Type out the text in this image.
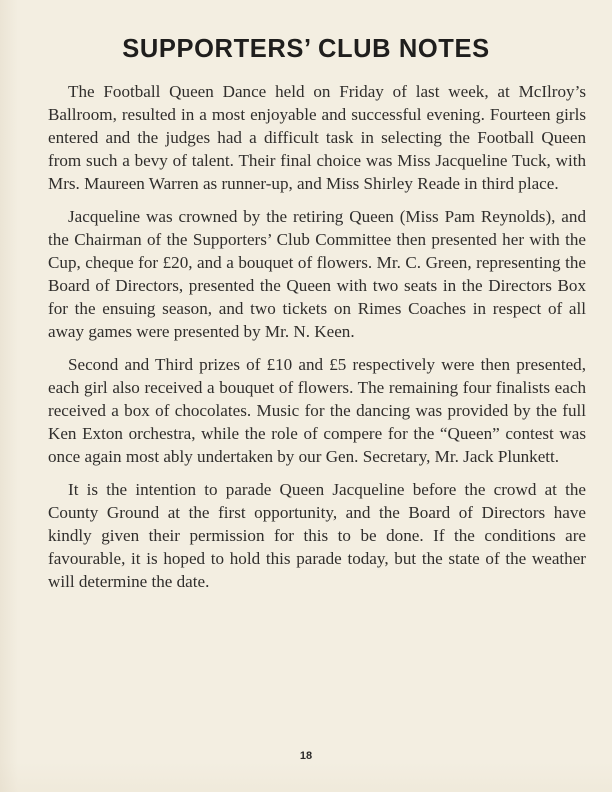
SUPPORTERS’ CLUB NOTES

The Football Queen Dance held on Friday of last week, at McIlroy’s Ballroom, resulted in a most enjoyable and successful evening. Fourteen girls entered and the judges had a difficult task in selecting the Football Queen from such a bevy of talent. Their final choice was Miss Jacqueline Tuck, with Mrs. Maureen Warren as runner-up, and Miss Shirley Reade in third place.

Jacqueline was crowned by the retiring Queen (Miss Pam Reynolds), and the Chairman of the Supporters’ Club Committee then presented her with the Cup, cheque for £20, and a bouquet of flowers. Mr. C. Green, representing the Board of Directors, presented the Queen with two seats in the Directors Box for the ensuing season, and two tickets on Rimes Coaches in respect of all away games were presented by Mr. N. Keen.

Second and Third prizes of £10 and £5 respectively were then presented, each girl also received a bouquet of flowers. The remaining four finalists each received a box of chocolates. Music for the dancing was provided by the full Ken Exton orchestra, while the role of compere for the “Queen” contest was once again most ably undertaken by our Gen. Secretary, Mr. Jack Plunkett.

It is the intention to parade Queen Jacqueline before the crowd at the County Ground at the first opportunity, and the Board of Directors have kindly given their permission for this to be done. If the conditions are favourable, it is hoped to hold this parade today, but the state of the weather will determine the date.

18
